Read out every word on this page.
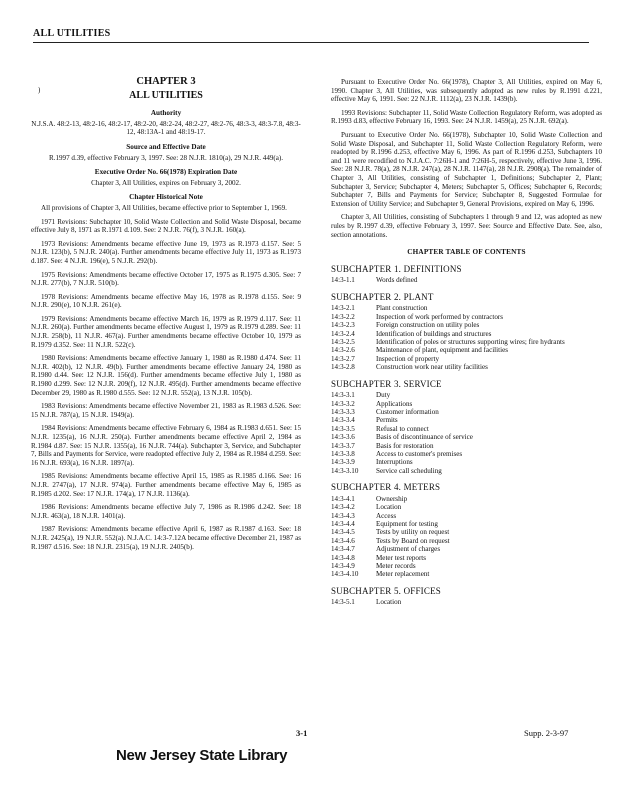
ALL UTILITIES
)
CHAPTER 3
ALL UTILITIES
Authority

N.J.S.A. 48:2-13, 48:2-16, 48:2-17, 48:2-20, 48:2-24, 48:2-27, 48:2-76, 48:3-3, 48:3-7.8, 48:3-12, 48:13A-1 and 48:19-17.

Source and Effective Date

R.1997 d.39, effective February 3, 1997. See: 28 N.J.R. 1810(a), 29 N.J.R. 449(a).

Executive Order No. 66(1978) Expiration Date

Chapter 3, All Utilities, expires on February 3, 2002.

Chapter Historical Note

All provisions of Chapter 3, All Utilities, became effective prior to September 1, 1969.

1971 Revisions: Subchapter 10, Solid Waste Collection and Solid Waste Disposal, became effective July 8, 1971 as R.1971 d.109. See: 2 N.J.R. 76(f), 3 N.J.R. 160(a).

1973 Revisions: Amendments became effective June 19, 1973 as R.1973 d.157. See: 5 N.J.R. 123(b), 5 N.J.R. 240(a). Further amendments became effective July 11, 1973 as R.1973 d.187. See: 4 N.J.R. 196(e), 5 N.J.R. 292(b).

1975 Revisions: Amendments became effective October 17, 1975 as R.1975 d.305. See: 7 N.J.R. 277(b), 7 N.J.R. 510(b).

1978 Revisions: Amendments became effective May 16, 1978 as R.1978 d.155. See: 9 N.J.R. 290(e), 10 N.J.R. 261(e).

1979 Revisions: Amendments became effective March 16, 1979 as R.1979 d.117. See: 11 N.J.R. 260(a). Further amendments became effective August 1, 1979 as R.1979 d.289. See: 11 N.J.R. 258(b), 11 N.J.R. 467(a). Further amendments became effective October 10, 1979 as R.1979 d.352. See: 11 N.J.R. 522(c).

1980 Revisions: Amendments became effective January 1, 1980 as R.1980 d.474. See: 11 N.J.R. 402(b), 12 N.J.R. 49(b). Further amendments became effective January 24, 1980 as R.1980 d.44. See: 12 N.J.R. 156(d). Further amendments became effective July 1, 1980 as R.1980 d.299. See: 12 N.J.R. 209(f), 12 N.J.R. 495(d). Further amendments became effective December 29, 1980 as R.1980 d.555. See: 12 N.J.R. 552(a), 13 N.J.R. 105(b).

1983 Revisions: Amendments became effective November 21, 1983 as R.1983 d.526. See: 15 N.J.R. 787(a), 15 N.J.R. 1949(a).

1984 Revisions: Amendments became effective February 6, 1984 as R.1983 d.651. See: 15 N.J.R. 1235(a), 16 N.J.R. 250(a). Further amendments became effective April 2, 1984 as R.1984 d.87. See: 15 N.J.R. 1355(a), 16 N.J.R. 744(a). Subchapter 3, Service, and Subchapter 7, Bills and Payments for Service, were readopted effective July 2, 1984 as R.1984 d.259. See: 16 N.J.R. 693(a), 16 N.J.R. 1897(a).

1985 Revisions: Amendments became effective April 15, 1985 as R.1985 d.166. See: 16 N.J.R. 2747(a), 17 N.J.R. 974(a). Further amendments became effective May 6, 1985 as R.1985 d.202. See: 17 N.J.R. 174(a), 17 N.J.R. 1136(a).

1986 Revisions: Amendments became effective July 7, 1986 as R.1986 d.242. See: 18 N.J.R. 463(a), 18 N.J.R. 1401(a).

1987 Revisions: Amendments became effective April 6, 1987 as R.1987 d.163. See: 18 N.J.R. 2425(a), 19 N.J.R. 552(a). N.J.A.C. 14:3-7.12A became effective December 21, 1987 as R.1987 d.516. See: 18 N.J.R. 2315(a), 19 N.J.R. 2405(b).

Pursuant to Executive Order No. 66(1978), Chapter 3, All Utilities, expired on May 6, 1990. Chapter 3, All Utilities, was subsequently adopted as new rules by R.1991 d.221, effective May 6, 1991. See: 22 N.J.R. 1112(a), 23 N.J.R. 1439(b).

1993 Revisions: Subchapter 11, Solid Waste Collection Regulatory Reform, was adopted as R.1993 d.83, effective February 16, 1993. See: 24 N.J.R. 1459(a), 25 N.J.R. 692(a).

Pursuant to Executive Order No. 66(1978), Subchapter 10, Solid Waste Collection and Solid Waste Disposal, and Subchapter 11, Solid Waste Collection Regulatory Reform, were readopted by R.1996 d.253, effective May 6, 1996. As part of R.1996 d.253, Subchapters 10 and 11 were recodified to N.J.A.C. 7:26H-1 and 7:26H-5, respectively, effective June 3, 1996. See: 28 N.J.R. 78(a), 28 N.J.R. 247(a), 28 N.J.R. 1147(a), 28 N.J.R. 2908(a). The remainder of Chapter 3, All Utilities, consisting of Subchapter 1, Definitions; Subchapter 2, Plant; Subchapter 3, Service; Subchapter 4, Meters; Subchapter 5, Offices; Subchapter 6, Records; Subchapter 7, Bills and Payments for Service; Subchapter 8, Suggested Formulae for Extension of Utility Service; and Subchapter 9, General Provisions, expired on May 6, 1996.

Chapter 3, All Utilities, consisting of Subchapters 1 through 9 and 12, was adopted as new rules by R.1997 d.39, effective February 3, 1997. See: Source and Effective Date. See, also, section annotations.

CHAPTER TABLE OF CONTENTS
SUBCHAPTER 1. DEFINITIONS
14:3-1.1	Words defined
SUBCHAPTER 2. PLANT
14:3-2.1	Plant construction
14:3-2.2	Inspection of work performed by contractors
14:3-2.3	Foreign construction on utility poles
14:3-2.4	Identification of buildings and structures
14:3-2.5	Identification of poles or structures supporting wires; fire hydrants
14:3-2.6	Maintenance of plant, equipment and facilities
14:3-2.7	Inspection of property
14:3-2.8	Construction work near utility facilities
SUBCHAPTER 3. SERVICE
14:3-3.1	Duty
14:3-3.2	Applications
14:3-3.3	Customer information
14:3-3.4	Permits
14:3-3.5	Refusal to connect
14:3-3.6	Basis of discontinuance of service
14:3-3.7	Basis for restoration
14:3-3.8	Access to customer's premises
14:3-3.9	Interruptions
14:3-3.10	Service call scheduling
SUBCHAPTER 4. METERS
14:3-4.1	Ownership
14:3-4.2	Location
14:3-4.3	Access
14:3-4.4	Equipment for testing
14:3-4.5	Tests by utility on request
14:3-4.6	Tests by Board on request
14:3-4.7	Adjustment of charges
14:3-4.8	Meter test reports
14:3-4.9	Meter records
14:3-4.10	Meter replacement
SUBCHAPTER 5. OFFICES
14:3-5.1	Location
3-1	Supp. 2-3-97
New Jersey State Library
